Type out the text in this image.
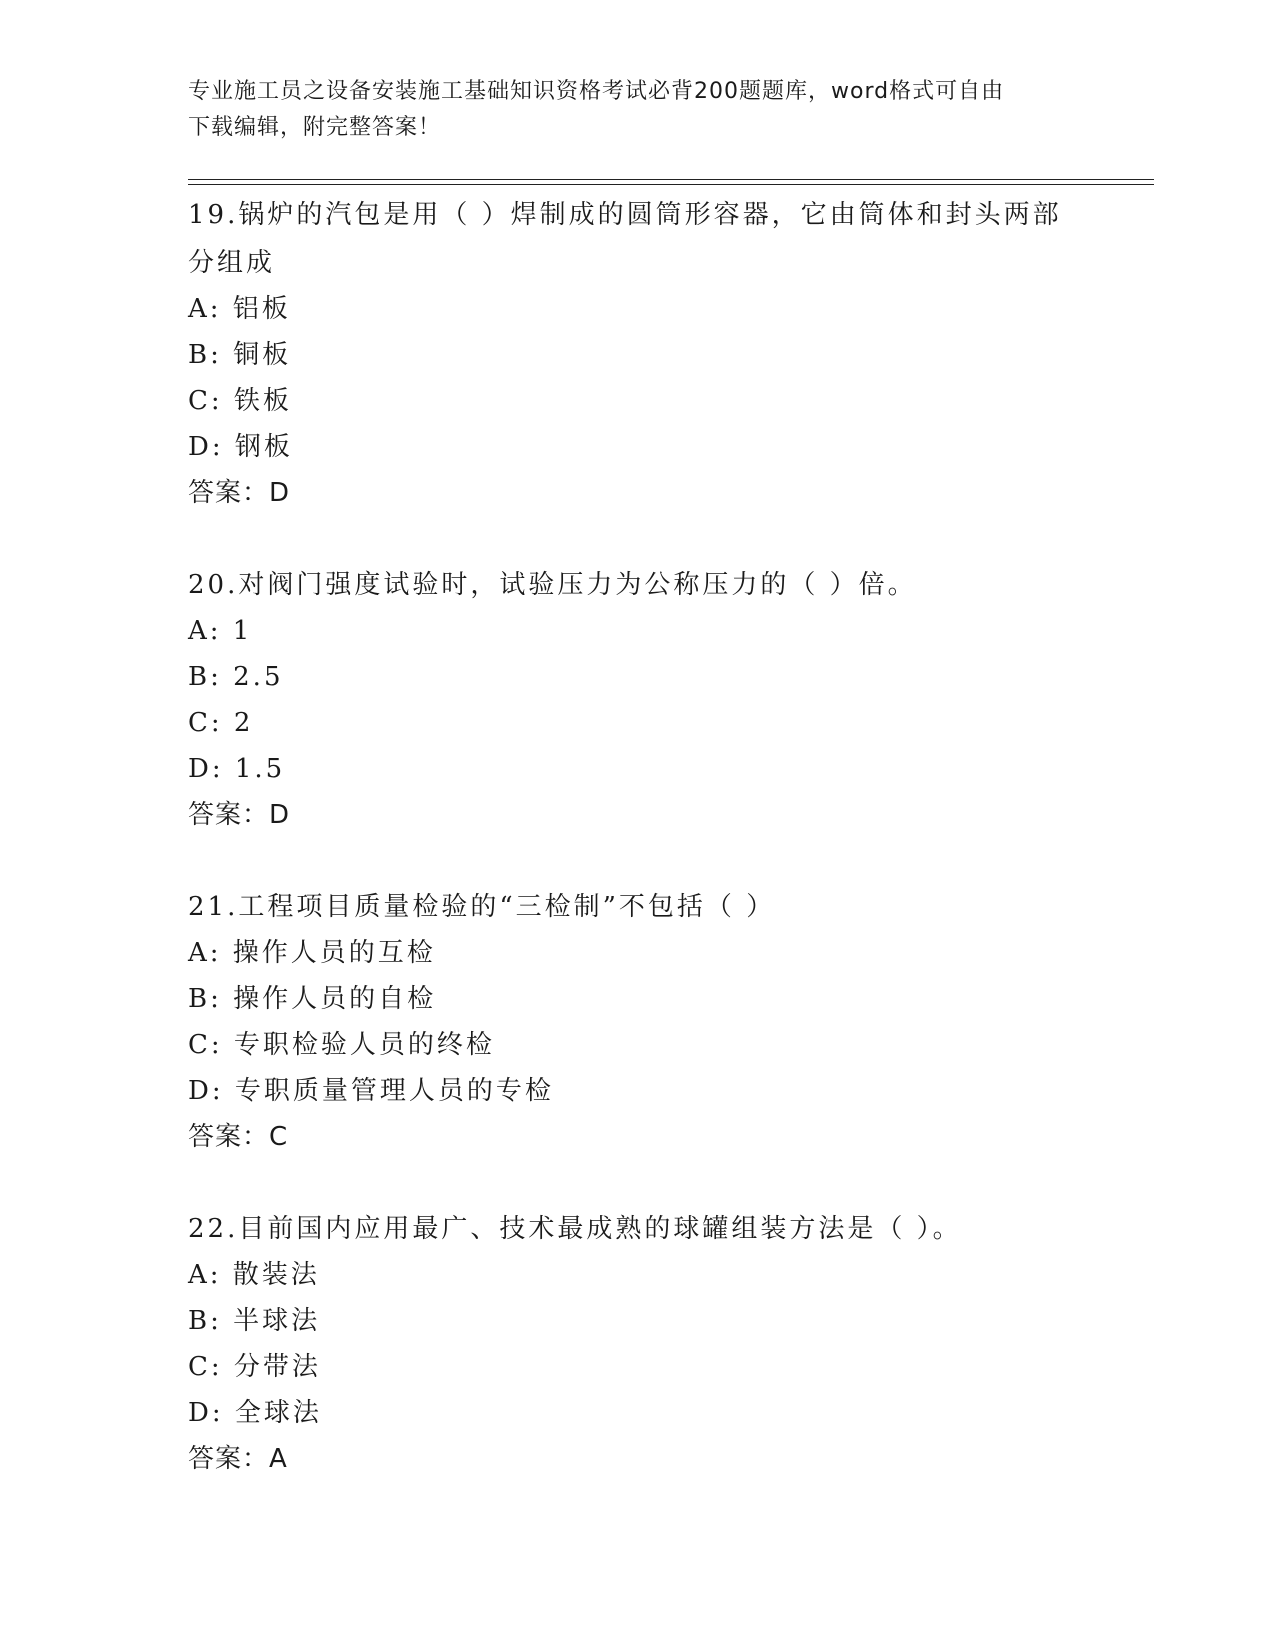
专业施工员之设备安装施工基础知识资格考试必背200题题库，word格式可自由
下载编辑，附完整答案！
19.锅炉的汽包是用（ ）焊制成的圆筒形容器，它由筒体和封头两部
分组成
A: 铝板
B: 铜板
C: 铁板
D: 钢板
答案：D
20.对阀门强度试验时，试验压力为公称压力的（ ）倍。
A: 1
B: 2.5
C: 2
D: 1.5
答案：D
21.工程项目质量检验的“三检制”不包括（ ）
A: 操作人员的互检
B: 操作人员的自检
C: 专职检验人员的终检
D: 专职质量管理人员的专检
答案：C
22.目前国内应用最广、技术最成熟的球罐组装方法是（ ）。
A: 散装法
B: 半球法
C: 分带法
D: 全球法
答案：A
